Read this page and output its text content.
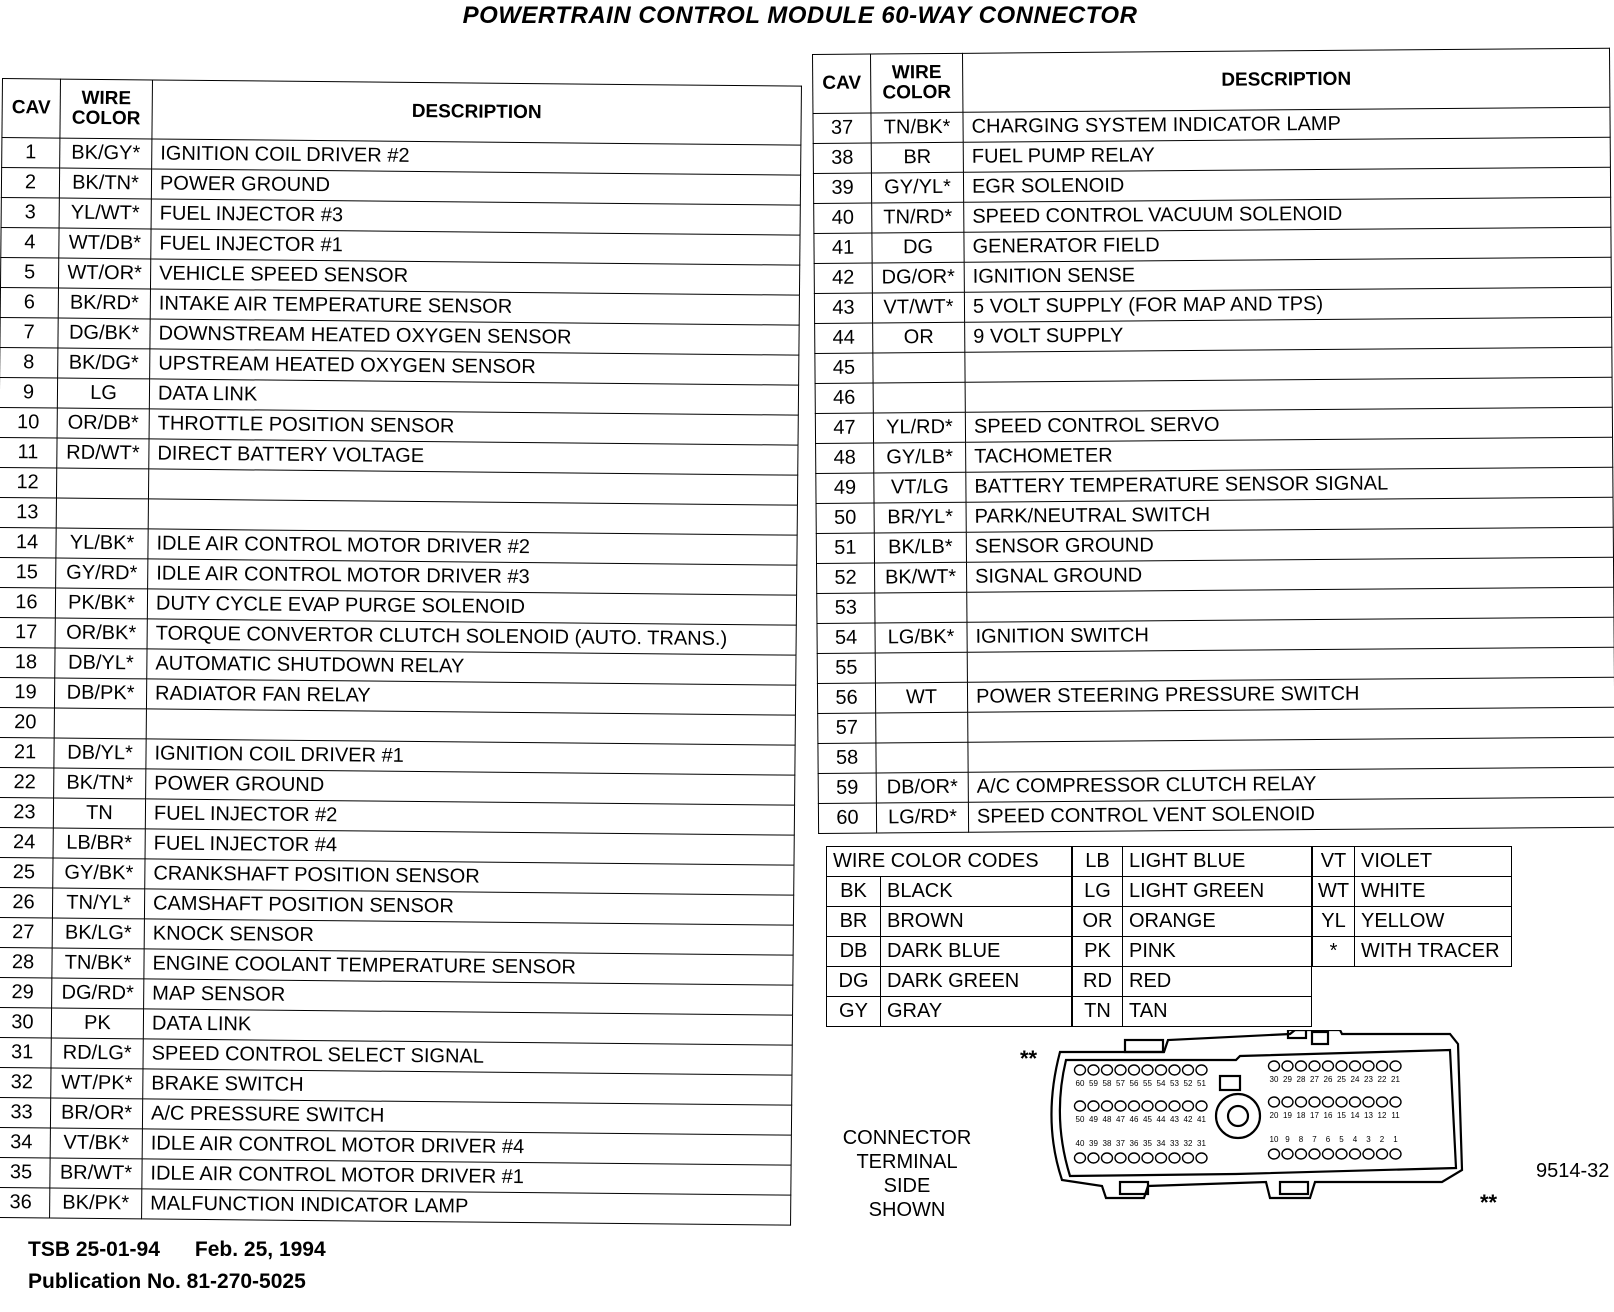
POWERTRAIN CONTROL MODULE 60-WAY CONNECTOR
CAV	WIRE
COLOR	DESCRIPTION
1	BK/GY*	IGNITION COIL DRIVER #2
2	BK/TN*	POWER GROUND
3	YL/WT*	FUEL INJECTOR #3
4	WT/DB*	FUEL INJECTOR #1
5	WT/OR*	VEHICLE SPEED SENSOR
6	BK/RD*	INTAKE AIR TEMPERATURE SENSOR
7	DG/BK*	DOWNSTREAM HEATED OXYGEN SENSOR
8	BK/DG*	UPSTREAM HEATED OXYGEN SENSOR
9	LG	DATA LINK
10	OR/DB*	THROTTLE POSITION SENSOR
11	RD/WT*	DIRECT BATTERY VOLTAGE
12		
13		
14	YL/BK*	IDLE AIR CONTROL MOTOR DRIVER #2
15	GY/RD*	IDLE AIR CONTROL MOTOR DRIVER #3
16	PK/BK*	DUTY CYCLE EVAP PURGE SOLENOID
17	OR/BK*	TORQUE CONVERTOR CLUTCH SOLENOID (AUTO. TRANS.)
18	DB/YL*	AUTOMATIC SHUTDOWN RELAY
19	DB/PK*	RADIATOR FAN RELAY
20		
21	DB/YL*	IGNITION COIL DRIVER #1
22	BK/TN*	POWER GROUND
23	TN	FUEL INJECTOR #2
24	LB/BR*	FUEL INJECTOR #4
25	GY/BK*	CRANKSHAFT POSITION SENSOR
26	TN/YL*	CAMSHAFT POSITION SENSOR
27	BK/LG*	KNOCK SENSOR
28	TN/BK*	ENGINE COOLANT TEMPERATURE SENSOR
29	DG/RD*	MAP SENSOR
30	PK	DATA LINK
31	RD/LG*	SPEED CONTROL SELECT SIGNAL
32	WT/PK*	BRAKE SWITCH
33	BR/OR*	A/C PRESSURE SWITCH
34	VT/BK*	IDLE AIR CONTROL MOTOR DRIVER #4
35	BR/WT*	IDLE AIR CONTROL MOTOR DRIVER #1
36	BK/PK*	MALFUNCTION INDICATOR LAMP
CAV	WIRE
COLOR	DESCRIPTION
37	TN/BK*	CHARGING SYSTEM INDICATOR LAMP
38	BR	FUEL PUMP RELAY
39	GY/YL*	EGR SOLENOID
40	TN/RD*	SPEED CONTROL VACUUM SOLENOID
41	DG	GENERATOR FIELD
42	DG/OR*	IGNITION SENSE
43	VT/WT*	5 VOLT SUPPLY (FOR MAP AND TPS)
44	OR	9 VOLT SUPPLY
45		
46		
47	YL/RD*	SPEED CONTROL SERVO
48	GY/LB*	TACHOMETER
49	VT/LG	BATTERY TEMPERATURE SENSOR SIGNAL
50	BR/YL*	PARK/NEUTRAL SWITCH
51	BK/LB*	SENSOR GROUND
52	BK/WT*	SIGNAL GROUND
53		
54	LG/BK*	IGNITION SWITCH
55		
56	WT	POWER STEERING PRESSURE SWITCH
57		
58		
59	DB/OR*	A/C COMPRESSOR CLUTCH RELAY
60	LG/RD*	SPEED CONTROL VENT SOLENOID
WIRE COLOR CODES	
BK	BLACK
BR	BROWN
DB	DARK BLUE
DG	DARK GREEN
GY	GRAY
LB	LIGHT BLUE
LG	LIGHT GREEN
OR	ORANGE
PK	PINK
RD	RED
TN	TAN
VT	VIOLET
WT	WHITE
YL	YELLOW
*	WITH TRACER
**
**
CONNECTOR
TERMINAL SIDE
SHOWN
60 59 58 57 56 55 54 53 52 51
50 49 48 47 46 45 44 43 42 41
40 39 38 37 36 35 34 33 32 31
30 29 28 27 26 25 24 23 22 21
20 19 18 17 16 15 14 13 12 11
10 9 8 7 6 5 4 3 2 1
9514-32
TSB 25-01-94 Feb. 25, 1994
Publication No. 81-270-5025
